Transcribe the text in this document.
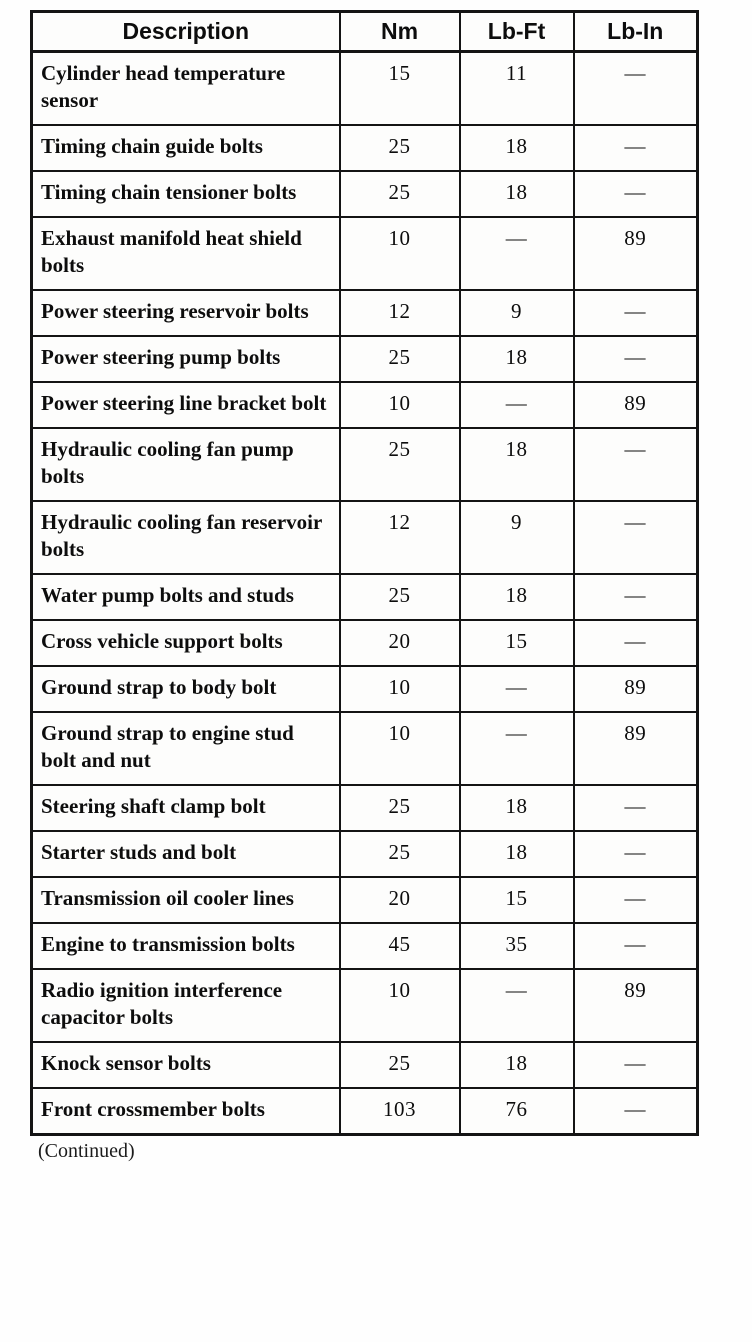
Description	Nm	Lb-Ft	Lb-In
Cylinder head temperature sensor	15	11	—
Timing chain guide bolts	25	18	—
Timing chain tensioner bolts	25	18	—
Exhaust manifold heat shield bolts	10	—	89
Power steering reservoir bolts	12	9	—
Power steering pump bolts	25	18	—
Power steering line bracket bolt	10	—	89
Hydraulic cooling fan pump bolts	25	18	—
Hydraulic cooling fan reservoir bolts	12	9	—
Water pump bolts and studs	25	18	—
Cross vehicle support bolts	20	15	—
Ground strap to body bolt	10	—	89
Ground strap to engine stud bolt and nut	10	—	89
Steering shaft clamp bolt	25	18	—
Starter studs and bolt	25	18	—
Transmission oil cooler lines	20	15	—
Engine to transmission bolts	45	35	—
Radio ignition interference capacitor bolts	10	—	89
Knock sensor bolts	25	18	—
Front crossmember bolts	103	76	—
(Continued)
